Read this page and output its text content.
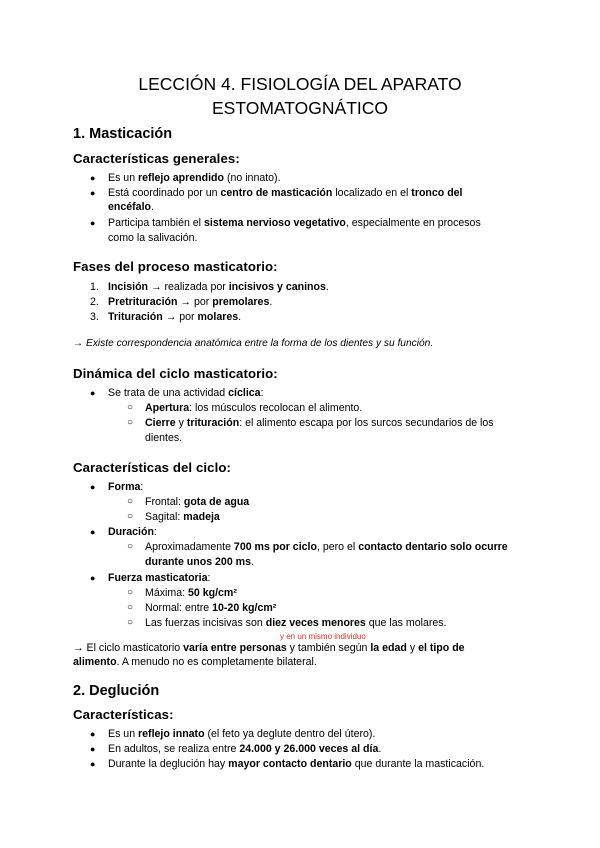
LECCIÓN 4. FISIOLOGÍA DEL APARATO
ESTOMATOGNÁTICO
1. Masticación
Características generales:
● Es un reflejo aprendido (no innato).
● Está coordinado por un centro de masticación localizado en el tronco del
encéfalo.
● Participa también el sistema nervioso vegetativo, especialmente en procesos
como la salivación.
Fases del proceso masticatorio:
1. Incisión → realizada por incisivos y caninos.
2. Pretrituración → por premolares.
3. Trituración → por molares.
→ Existe correspondencia anatómica entre la forma de los dientes y su función.
Dinámica del ciclo masticatorio:
● Se trata de una actividad cíclica:
○ Apertura: los músculos recolocan el alimento.
○ Cierre y trituración: el alimento escapa por los surcos secundarios de los
dientes.
Características del ciclo:
● Forma:
○ Frontal: gota de agua
○ Sagital: madeja
● Duración:
○ Aproximadamente 700 ms por ciclo, pero el contacto dentario solo ocurre
durante unos 200 ms.
● Fuerza masticatoria:
○ Máxima: 50 kg/cm²
○ Normal: entre 10-20 kg/cm²
○ Las fuerzas incisivas son diez veces menores que las molares.
y en un mismo individuo
→ El ciclo masticatorio varía entre personas y también según la edad y el tipo de
alimento. A menudo no es completamente bilateral.
2. Deglución
Características:
● Es un reflejo innato (el feto ya deglute dentro del útero).
● En adultos, se realiza entre 24.000 y 26.000 veces al día.
● Durante la deglución hay mayor contacto dentario que durante la masticación.
